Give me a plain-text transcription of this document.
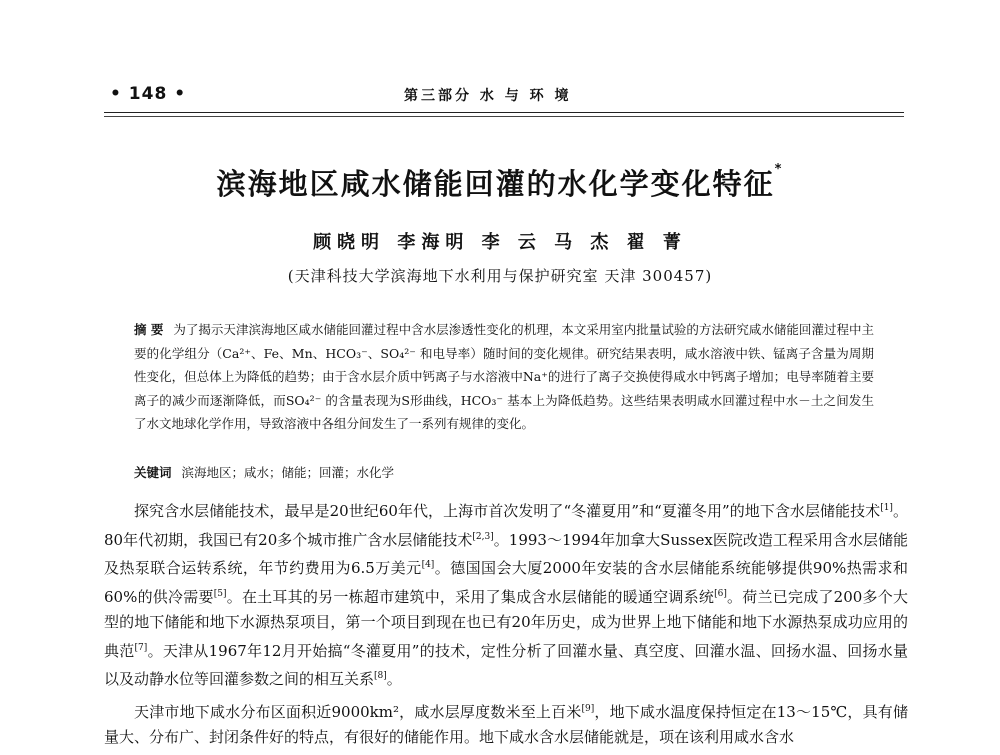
• 148 •	第三部分 水 与 环 境
滨海地区咸水储能回灌的水化学变化特征*
顾晓明 李海明 李 云 马 杰 翟 菁
(天津科技大学滨海地下水利用与保护研究室 天津 300457)
摘 要 为了揭示天津滨海地区咸水储能回灌过程中含水层渗透性变化的机理，本文采用室内批量试验的方法研究咸水储能回灌过程中主要的化学组分（Ca²⁺、Fe、Mn、HCO₃⁻、SO₄²⁻ 和电导率）随时间的变化规律。研究结果表明，咸水溶液中铁、锰离子含量为周期性变化，但总体上为降低的趋势；由于含水层介质中钙离子与水溶液中Na⁺的进行了离子交换使得咸水中钙离子增加；电导率随着主要离子的减少而逐渐降低，而SO₄²⁻ 的含量表现为S形曲线，HCO₃⁻ 基本上为降低趋势。这些结果表明咸水回灌过程中水－土之间发生了水文地球化学作用，导致溶液中各组分间发生了一系列有规律的变化。
关键词 滨海地区；咸水；储能；回灌；水化学

探究含水层储能技术，最早是20世纪60年代，上海市首次发明了“冬灌夏用”和“夏灌冬用”的地下含水层储能技术[1]。80年代初期，我国已有20多个城市推广含水层储能技术[2,3]。1993～1994年加拿大Sussex医院改造工程采用含水层储能及热泵联合运转系统，年节约费用为6.5万美元[4]。德国国会大厦2000年安装的含水层储能系统能够提供90%热需求和60%的供冷需要[5]。在土耳其的另一栋超市建筑中，采用了集成含水层储能的暖通空调系统[6]。荷兰已完成了200多个大型的地下储能和地下水源热泵项目，第一个项目到现在也已有20年历史，成为世界上地下储能和地下水源热泵成功应用的典范[7]。天津从1967年12月开始搞“冬灌夏用”的技术，定性分析了回灌水量、真空度、回灌水温、回扬水温、回扬水量以及动静水位等回灌参数之间的相互关系[8]。

天津市地下咸水分布区面积近9000km²，咸水层厚度数米至上百米[9]，地下咸水温度保持恒定在13～15℃，具有储量大、分布广、封闭条件好的特点，有很好的储能作用。地下咸水含水层储能就是，项在该利用咸水含水
